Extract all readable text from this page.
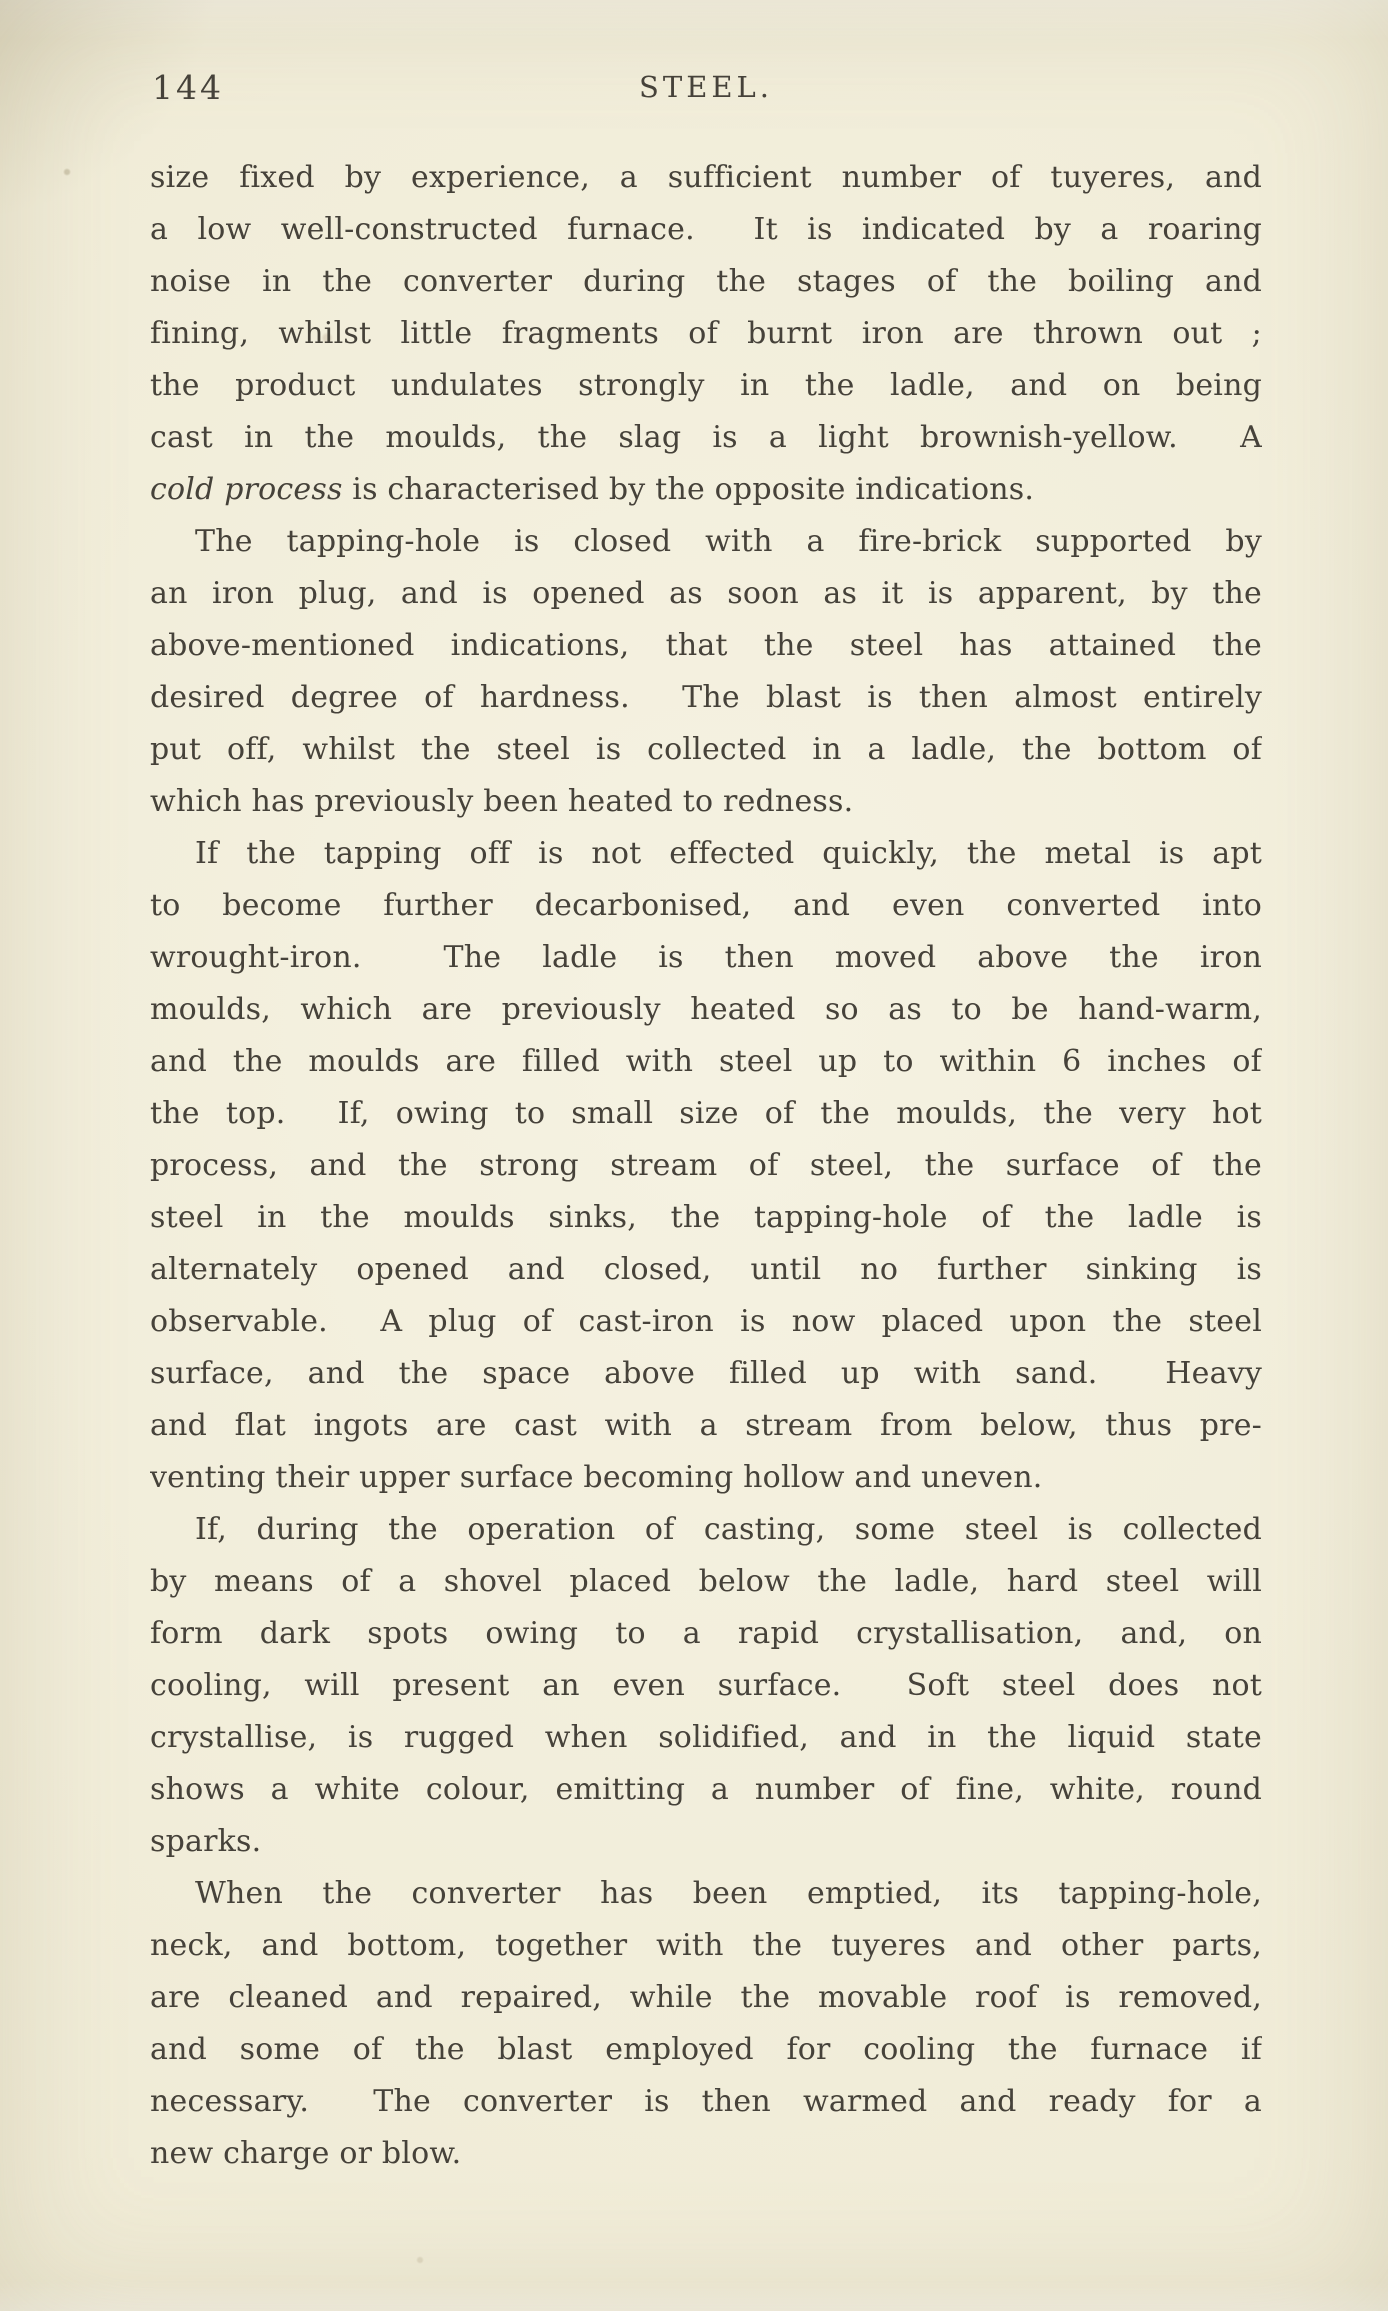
144	STEEL.
size fixed by experience, a sufficient number of tuyeres, and
a low well-constructed furnace.  It is indicated by a roaring
noise in the converter during the stages of the boiling and
fining, whilst little fragments of burnt iron are thrown out ;
the product undulates strongly in the ladle, and on being
cast in the moulds, the slag is a light brownish-yellow.  A
cold process is characterised by the opposite indications.
The tapping-hole is closed with a fire-brick supported by
an iron plug, and is opened as soon as it is apparent, by the
above-mentioned indications, that the steel has attained the
desired degree of hardness.  The blast is then almost entirely
put off, whilst the steel is collected in a ladle, the bottom of
which has previously been heated to redness.
If the tapping off is not effected quickly, the metal is apt
to become further decarbonised, and even converted into
wrought-iron.  The ladle is then moved above the iron
moulds, which are previously heated so as to be hand-warm,
and the moulds are filled with steel up to within 6 inches of
the top.  If, owing to small size of the moulds, the very hot
process, and the strong stream of steel, the surface of the
steel in the moulds sinks, the tapping-hole of the ladle is
alternately opened and closed, until no further sinking is
observable.  A plug of cast-iron is now placed upon the steel
surface, and the space above filled up with sand.  Heavy
and flat ingots are cast with a stream from below, thus pre-
venting their upper surface becoming hollow and uneven.
If, during the operation of casting, some steel is collected
by means of a shovel placed below the ladle, hard steel will
form dark spots owing to a rapid crystallisation, and, on
cooling, will present an even surface.  Soft steel does not
crystallise, is rugged when solidified, and in the liquid state
shows a white colour, emitting a number of fine, white, round
sparks.
When the converter has been emptied, its tapping-hole,
neck, and bottom, together with the tuyeres and other parts,
are cleaned and repaired, while the movable roof is removed,
and some of the blast employed for cooling the furnace if
necessary.  The converter is then warmed and ready for a
new charge or blow.
